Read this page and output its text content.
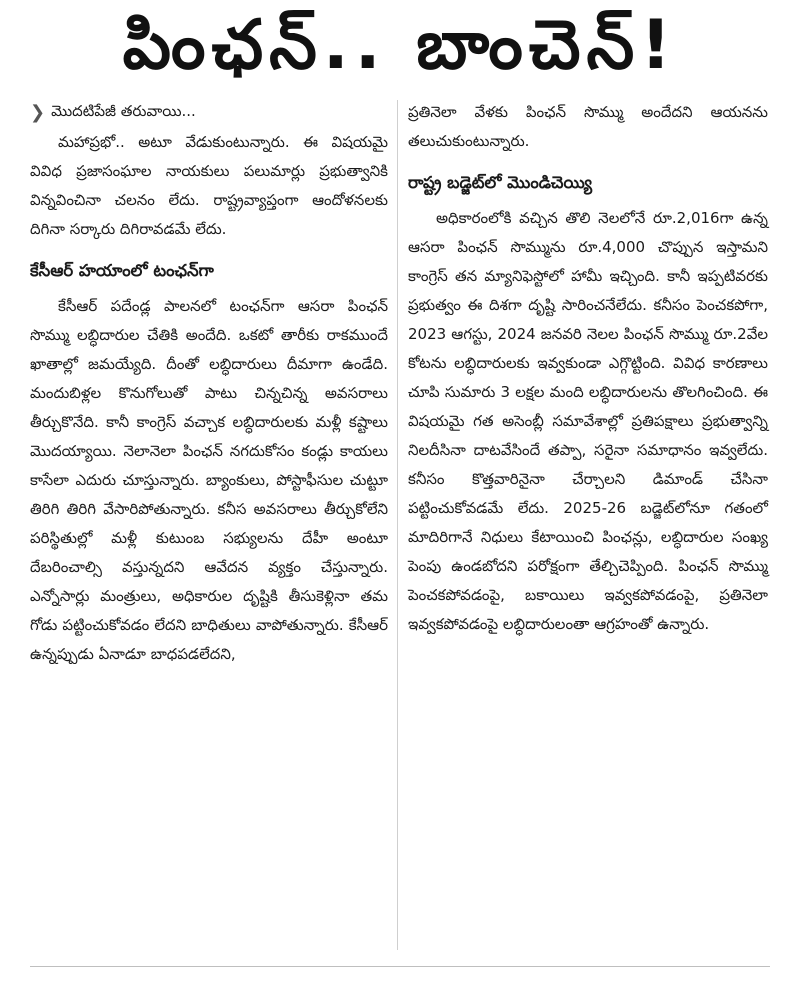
పింఛన్.. బాంచెన్!
❯ మొదటిపేజీ తరువాయి...

మహాప్రభో.. అటూ వేడుకుంటున్నారు. ఈ విషయమై వివిధ ప్రజాసంఘాల నాయకులు పలుమార్లు ప్రభుత్వానికి విన్నవించినా చలనం లేదు. రాష్ట్రవ్యాప్తంగా ఆందోళనలకు దిగినా సర్కారు దిగిరావడమే లేదు.

కేసీఆర్ హయాంలో టంఛన్‌గా

కేసీఆర్ పదేండ్ల పాలనలో టంఛన్‌గా ఆసరా పింఛన్ సొమ్ము లబ్ధిదారుల చేతికి అందేది. ఒకటో తారీకు రాకముందే ఖాతాల్లో జమయ్యేది. దీంతో లబ్ధిదారులు దీమాగా ఉండేది. మందుబిళ్లల కొనుగోలుతో పాటు చిన్నచిన్న అవసరాలు తీర్చుకొనేది. కానీ కాంగ్రెస్ వచ్చాక లబ్ధిదారులకు మళ్లీ కష్టాలు మొదయ్యాయి. నెలానెలా పింఛన్ నగదుకోసం కండ్లు కాయలు కాసేలా ఎదురు చూస్తున్నారు. బ్యాంకులు, పోస్టాఫీసుల చుట్టూ తిరిగి తిరిగి వేసారిపోతున్నారు. కనీస అవసరాలు తీర్చుకోలేని పరిస్థితుల్లో మళ్లీ కుటుంబ సభ్యులను దేహీ అంటూ దేబరించాల్సి వస్తున్నదని ఆవేదన వ్యక్తం చేస్తున్నారు. ఎన్నోసార్లు మంత్రులు, అధికారుల దృష్టికి తీసుకెళ్లినా తమ గోడు పట్టించుకోవడం లేదని బాధితులు వాపోతున్నారు. కేసీఆర్ ఉన్నప్పుడు ఏనాడూ బాధపడలేదని,

ప్రతినెలా వేళకు పింఛన్ సొమ్ము అందేదని ఆయనను తలుచుకుంటున్నారు.

రాష్ట్ర బడ్జెట్‌లో మొండిచెయ్యి

అధికారంలోకి వచ్చిన తొలి నెలలోనే రూ.2,016గా ఉన్న ఆసరా పింఛన్ సొమ్మును రూ.4,000 చొప్పున ఇస్తామని కాంగ్రెస్ తన మ్యానిఫెస్టోలో హామీ ఇచ్చింది. కానీ ఇప్పటివరకు ప్రభుత్వం ఈ దిశగా దృష్టి సారించనేలేదు. కనీసం పెంచకపోగా, 2023 ఆగస్టు, 2024 జనవరి నెలల పింఛన్ సొమ్ము రూ.2వేల కోటను లబ్ధిదారులకు ఇవ్వకుండా ఎగ్గొట్టింది. వివిధ కారణాలు చూపి సుమారు 3 లక్షల మంది లబ్ధిదారులను తొలగించింది. ఈ విషయమై గత అసెంబ్లీ సమావేశాల్లో ప్రతిపక్షాలు ప్రభుత్వాన్ని నిలదీసినా దాటవేసిందే తప్పా, సరైనా సమాధానం ఇవ్వలేదు. కనీసం కొత్తవారినైనా చేర్చాలని డిమాండ్ చేసినా పట్టించుకోవడమే లేదు. 2025-26 బడ్జెట్‌లోనూ గతంలో మాదిరిగానే నిధులు కేటాయించి పింఛన్లు, లబ్ధిదారుల సంఖ్య పెంపు ఉండబోదని పరోక్షంగా తేల్చిచెప్పింది. పింఛన్ సొమ్ము పెంచకపోవడంపై, బకాయిలు ఇవ్వకపోవడంపై, ప్రతినెలా ఇవ్వకపోవడంపై లబ్ధిదారులంతా ఆగ్రహంతో ఉన్నారు.
